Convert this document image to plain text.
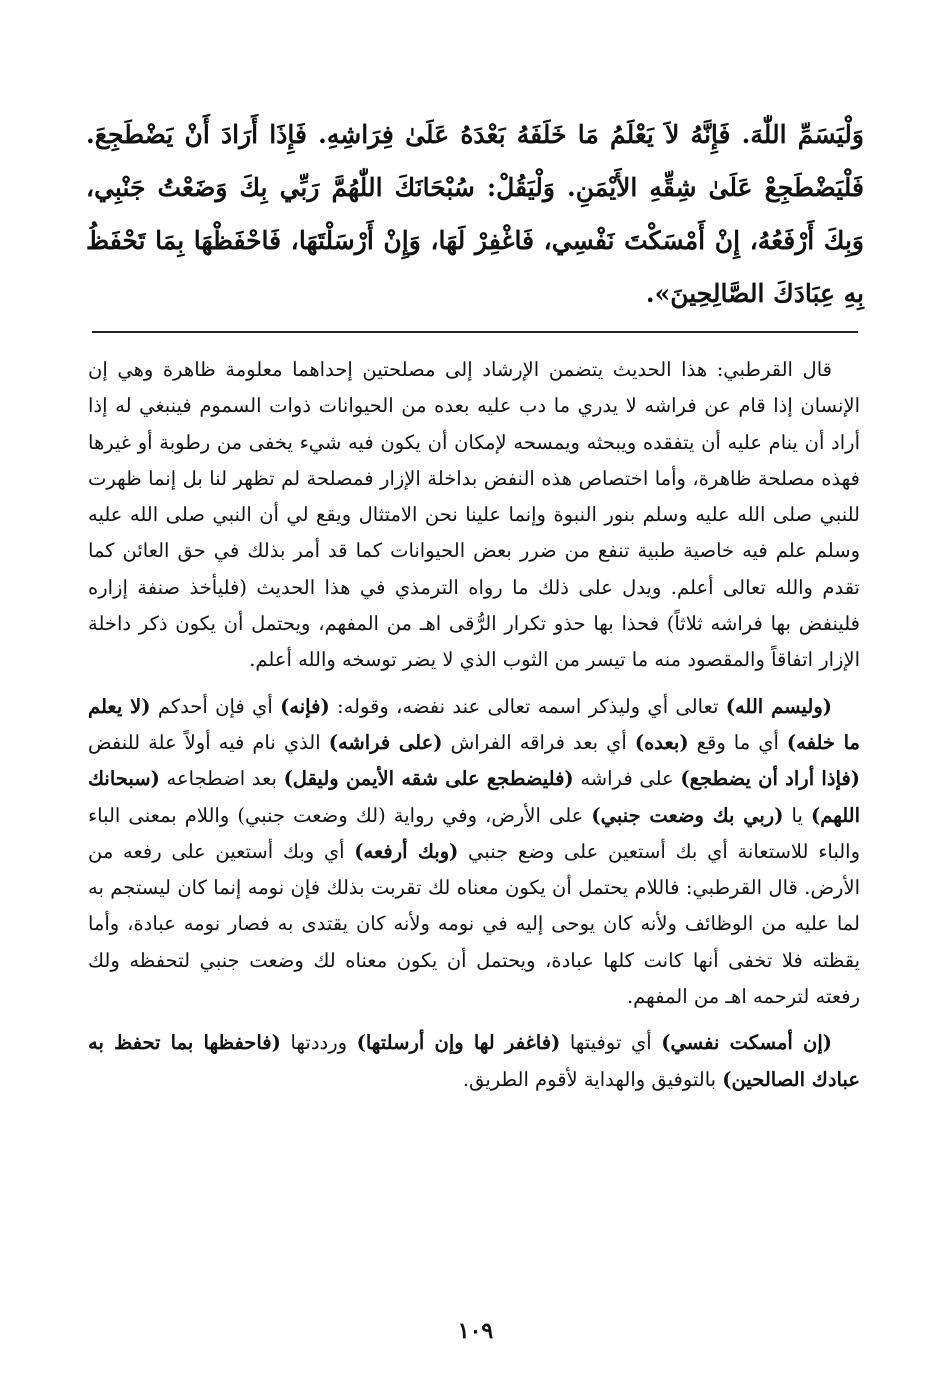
وَلْيَسَمِّ اللّٰهَ. فَإِنَّهُ لاَ يَعْلَمُ مَا خَلَفَهُ بَعْدَهُ عَلَىٰ فِرَاشِهِ. فَإِذَا أَرَادَ أَنْ يَضْطَجِعَ. فَلْيَضْطَجِعْ عَلَىٰ شِقِّهِ الأَيْمَنِ. وَلْيَقُلْ: سُبْحَانَكَ اللّٰهُمَّ رَبِّي بِكَ وَضَعْتُ جَنْبِي، وَبِكَ أَرْفَعُهُ، إِنْ أَمْسَكْتَ نَفْسِي، فَاغْفِرْ لَهَا، وَإِنْ أَرْسَلْتَهَا، فَاحْفَظْهَا بِمَا تَحْفَظُ بِهِ عِبَادَكَ الصَّالِحِينَ».

قال القرطبي: هذا الحديث يتضمن الإرشاد إلى مصلحتين إحداهما معلومة ظاهرة وهي إن الإنسان إذا قام عن فراشه لا يدري ما دب عليه بعده من الحيوانات ذوات السموم فينبغي له إذا أراد أن ينام عليه أن يتفقده ويبحثه ويمسحه لإمكان أن يكون فيه شيء يخفى من رطوبة أو غيرها فهذه مصلحة ظاهرة، وأما اختصاص هذه النفض بداخلة الإزار فمصلحة لم تظهر لنا بل إنما ظهرت للنبي صلى الله عليه وسلم بنور النبوة وإنما علينا نحن الامتثال ويقع لي أن النبي صلى الله عليه وسلم علم فيه خاصية طبية تنفع من ضرر بعض الحيوانات كما قد أمر بذلك في حق العائن كما تقدم والله تعالى أعلم. ويدل على ذلك ما رواه الترمذي في هذا الحديث (فليأخذ صنفة إزاره فلينفض بها فراشه ثلاثاً) فحذا بها حذو تكرار الرُّقى اهـ من المفهم، ويحتمل أن يكون ذكر داخلة الإزار اتفاقاً والمقصود منه ما تيسر من الثوب الذي لا يضر توسخه والله أعلم.

(وليسم الله) تعالى أي وليذكر اسمه تعالى عند نفضه، وقوله: (فإنه) أي فإن أحدكم (لا يعلم ما خلفه) أي ما وقع (بعده) أي بعد فراقه الفراش (على فراشه) الذي نام فيه أولاً علة للنفض (فإذا أراد أن يضطجع) على فراشه (فليضطجع على شقه الأيمن وليقل) بعد اضطجاعه (سبحانك اللهم) يا (ربي بك وضعت جنبي) على الأرض، وفي رواية (لك وضعت جنبي) واللام بمعنى الباء والباء للاستعانة أي بك أستعين على وضع جنبي (وبك أرفعه) أي وبك أستعين على رفعه من الأرض. قال القرطبي: فاللام يحتمل أن يكون معناه لك تقربت بذلك فإن نومه إنما كان ليستجم به لما عليه من الوظائف ولأنه كان يوحى إليه في نومه ولأنه كان يقتدى به فصار نومه عبادة، وأما يقظته فلا تخفى أنها كانت كلها عبادة، ويحتمل أن يكون معناه لك وضعت جنبي لتحفظه ولك رفعته لترحمه اهـ من المفهم.

(إن أمسكت نفسي) أي توفيتها (فاغفر لها وإن أرسلتها) ورددتها (فاحفظها بما تحفظ به عبادك الصالحين) بالتوفيق والهداية لأقوم الطريق.

١٠٩
